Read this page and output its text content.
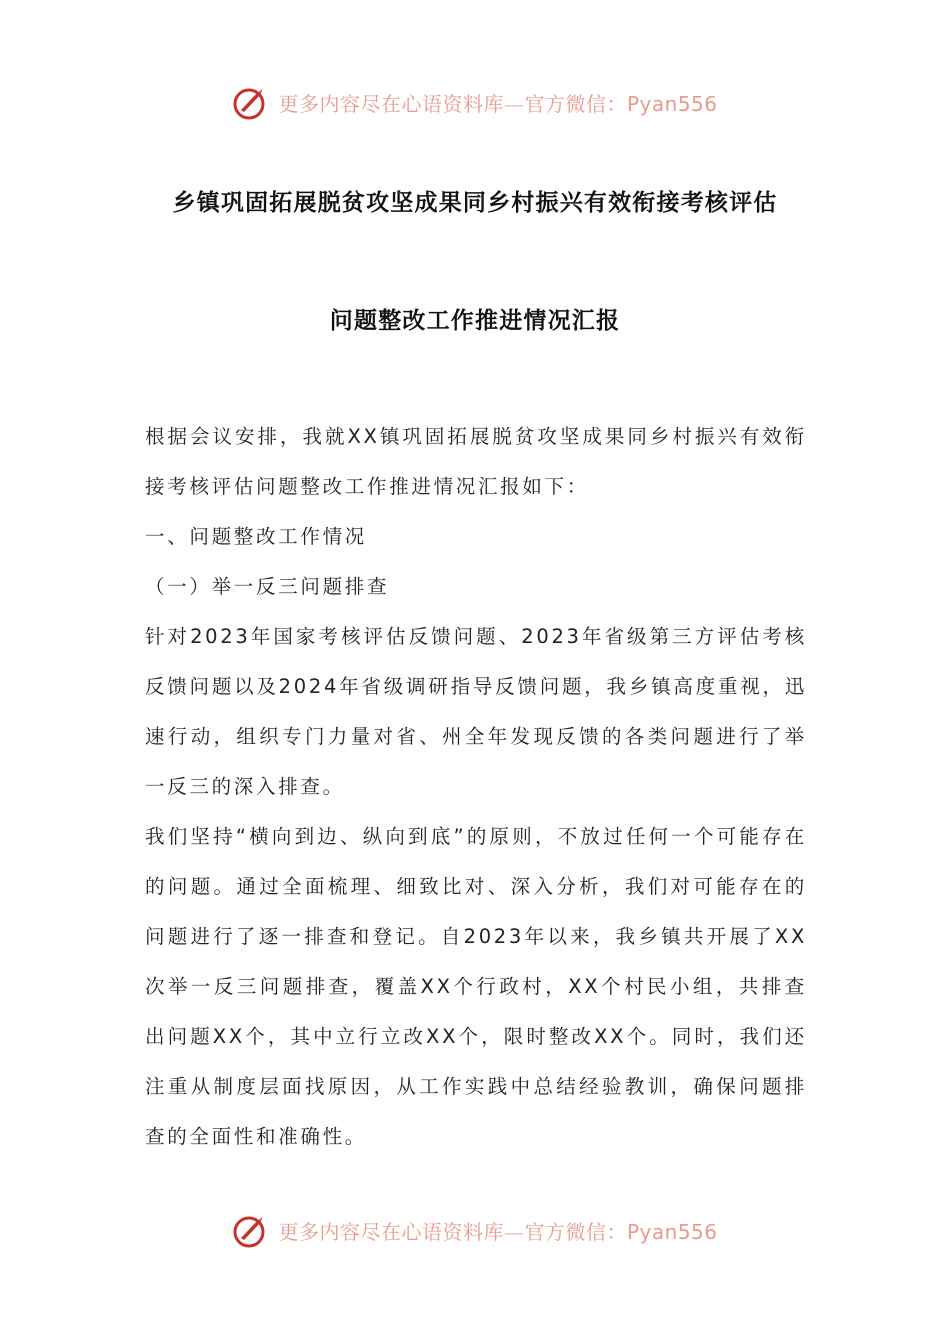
更多内容尽在心语资料库—官方微信：Pyan556
乡镇巩固拓展脱贫攻坚成果同乡村振兴有效衔接考核评估
问题整改工作推进情况汇报

根据会议安排，我就XX镇巩固拓展脱贫攻坚成果同乡村振兴有效衔接考核评估问题整改工作推进情况汇报如下：

一、问题整改工作情况

（一）举一反三问题排查

针对2023年国家考核评估反馈问题、2023年省级第三方评估考核反馈问题以及2024年省级调研指导反馈问题，我乡镇高度重视，迅速行动，组织专门力量对省、州全年发现反馈的各类问题进行了举一反三的深入排查。

我们坚持“横向到边、纵向到底”的原则，不放过任何一个可能存在的问题。通过全面梳理、细致比对、深入分析，我们对可能存在的问题进行了逐一排查和登记。自2023年以来，我乡镇共开展了XX次举一反三问题排查，覆盖XX个行政村，XX个村民小组，共排查出问题XX个，其中立行立改XX个，限时整改XX个。同时，我们还注重从制度层面找原因，从工作实践中总结经验教训，确保问题排查的全面性和准确性。

更多内容尽在心语资料库—官方微信：Pyan556
